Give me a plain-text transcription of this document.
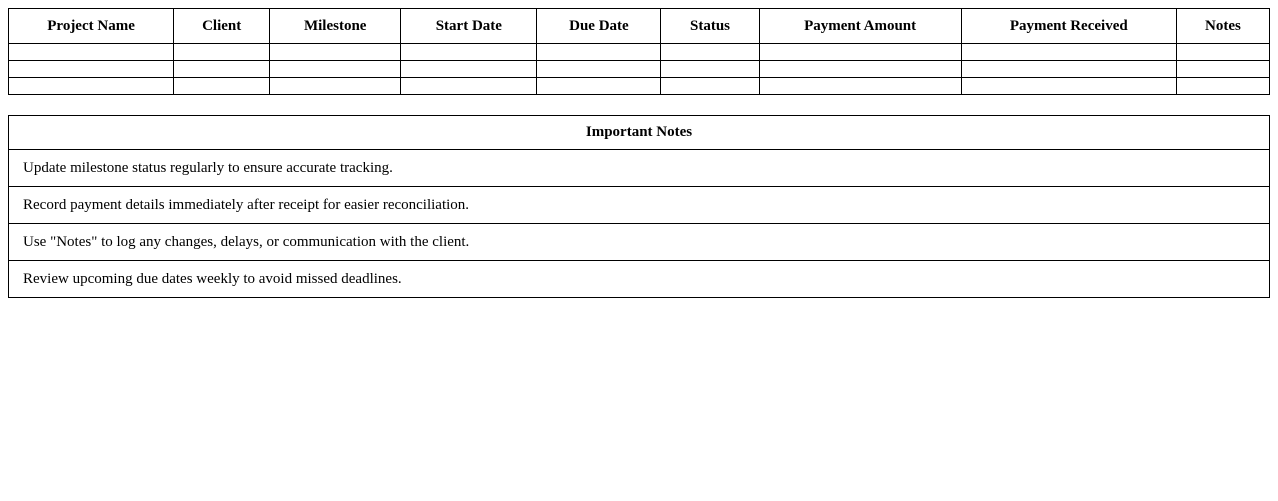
Project Name	Client	Milestone	Start Date	Due Date	Status	Payment Amount	Payment Received	Notes

Important Notes
Update milestone status regularly to ensure accurate tracking.
Record payment details immediately after receipt for easier reconciliation.
Use "Notes" to log any changes, delays, or communication with the client.
Review upcoming due dates weekly to avoid missed deadlines.
